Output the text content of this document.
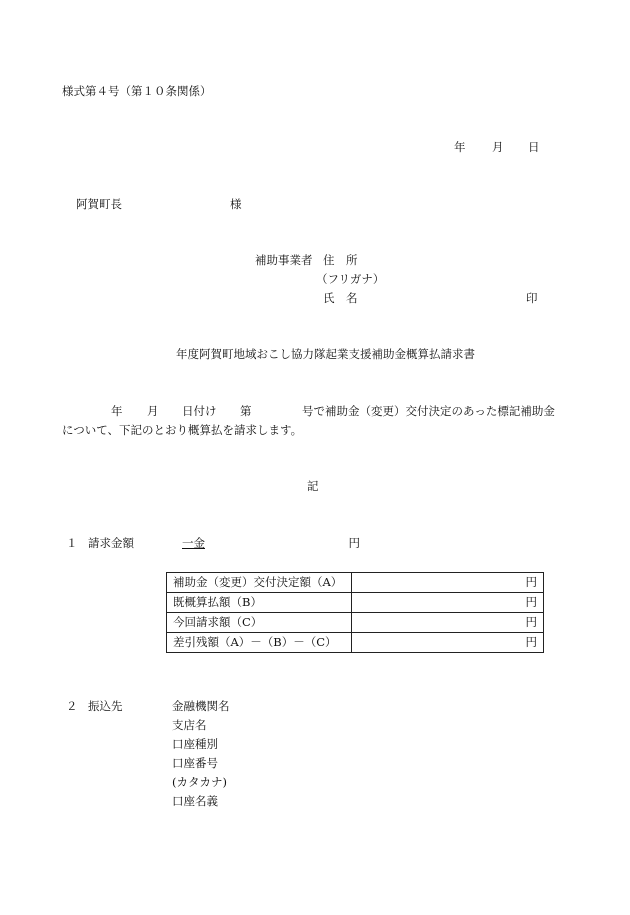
様式第４号（第１０条関係）
年 月 日
阿賀町長	様
補助事業者 住　所
（フリガナ）
氏　名	印
年度阿賀町地域おこし協力隊起業支援補助金概算払請求書
年 月 日付け 第	号で補助金（変更）交付決定のあった標記補助金
について、下記のとおり概算払を請求します。
記
１ 請求金額	一金	円
補助金（変更）交付決定額（A）	円
既概算払額（B）	円
今回請求額（C）	円
差引残額（A）－（B）－（C）	円
２ 振込先	金融機関名
支店名
口座種別
口座番号
(カタカナ)
口座名義
